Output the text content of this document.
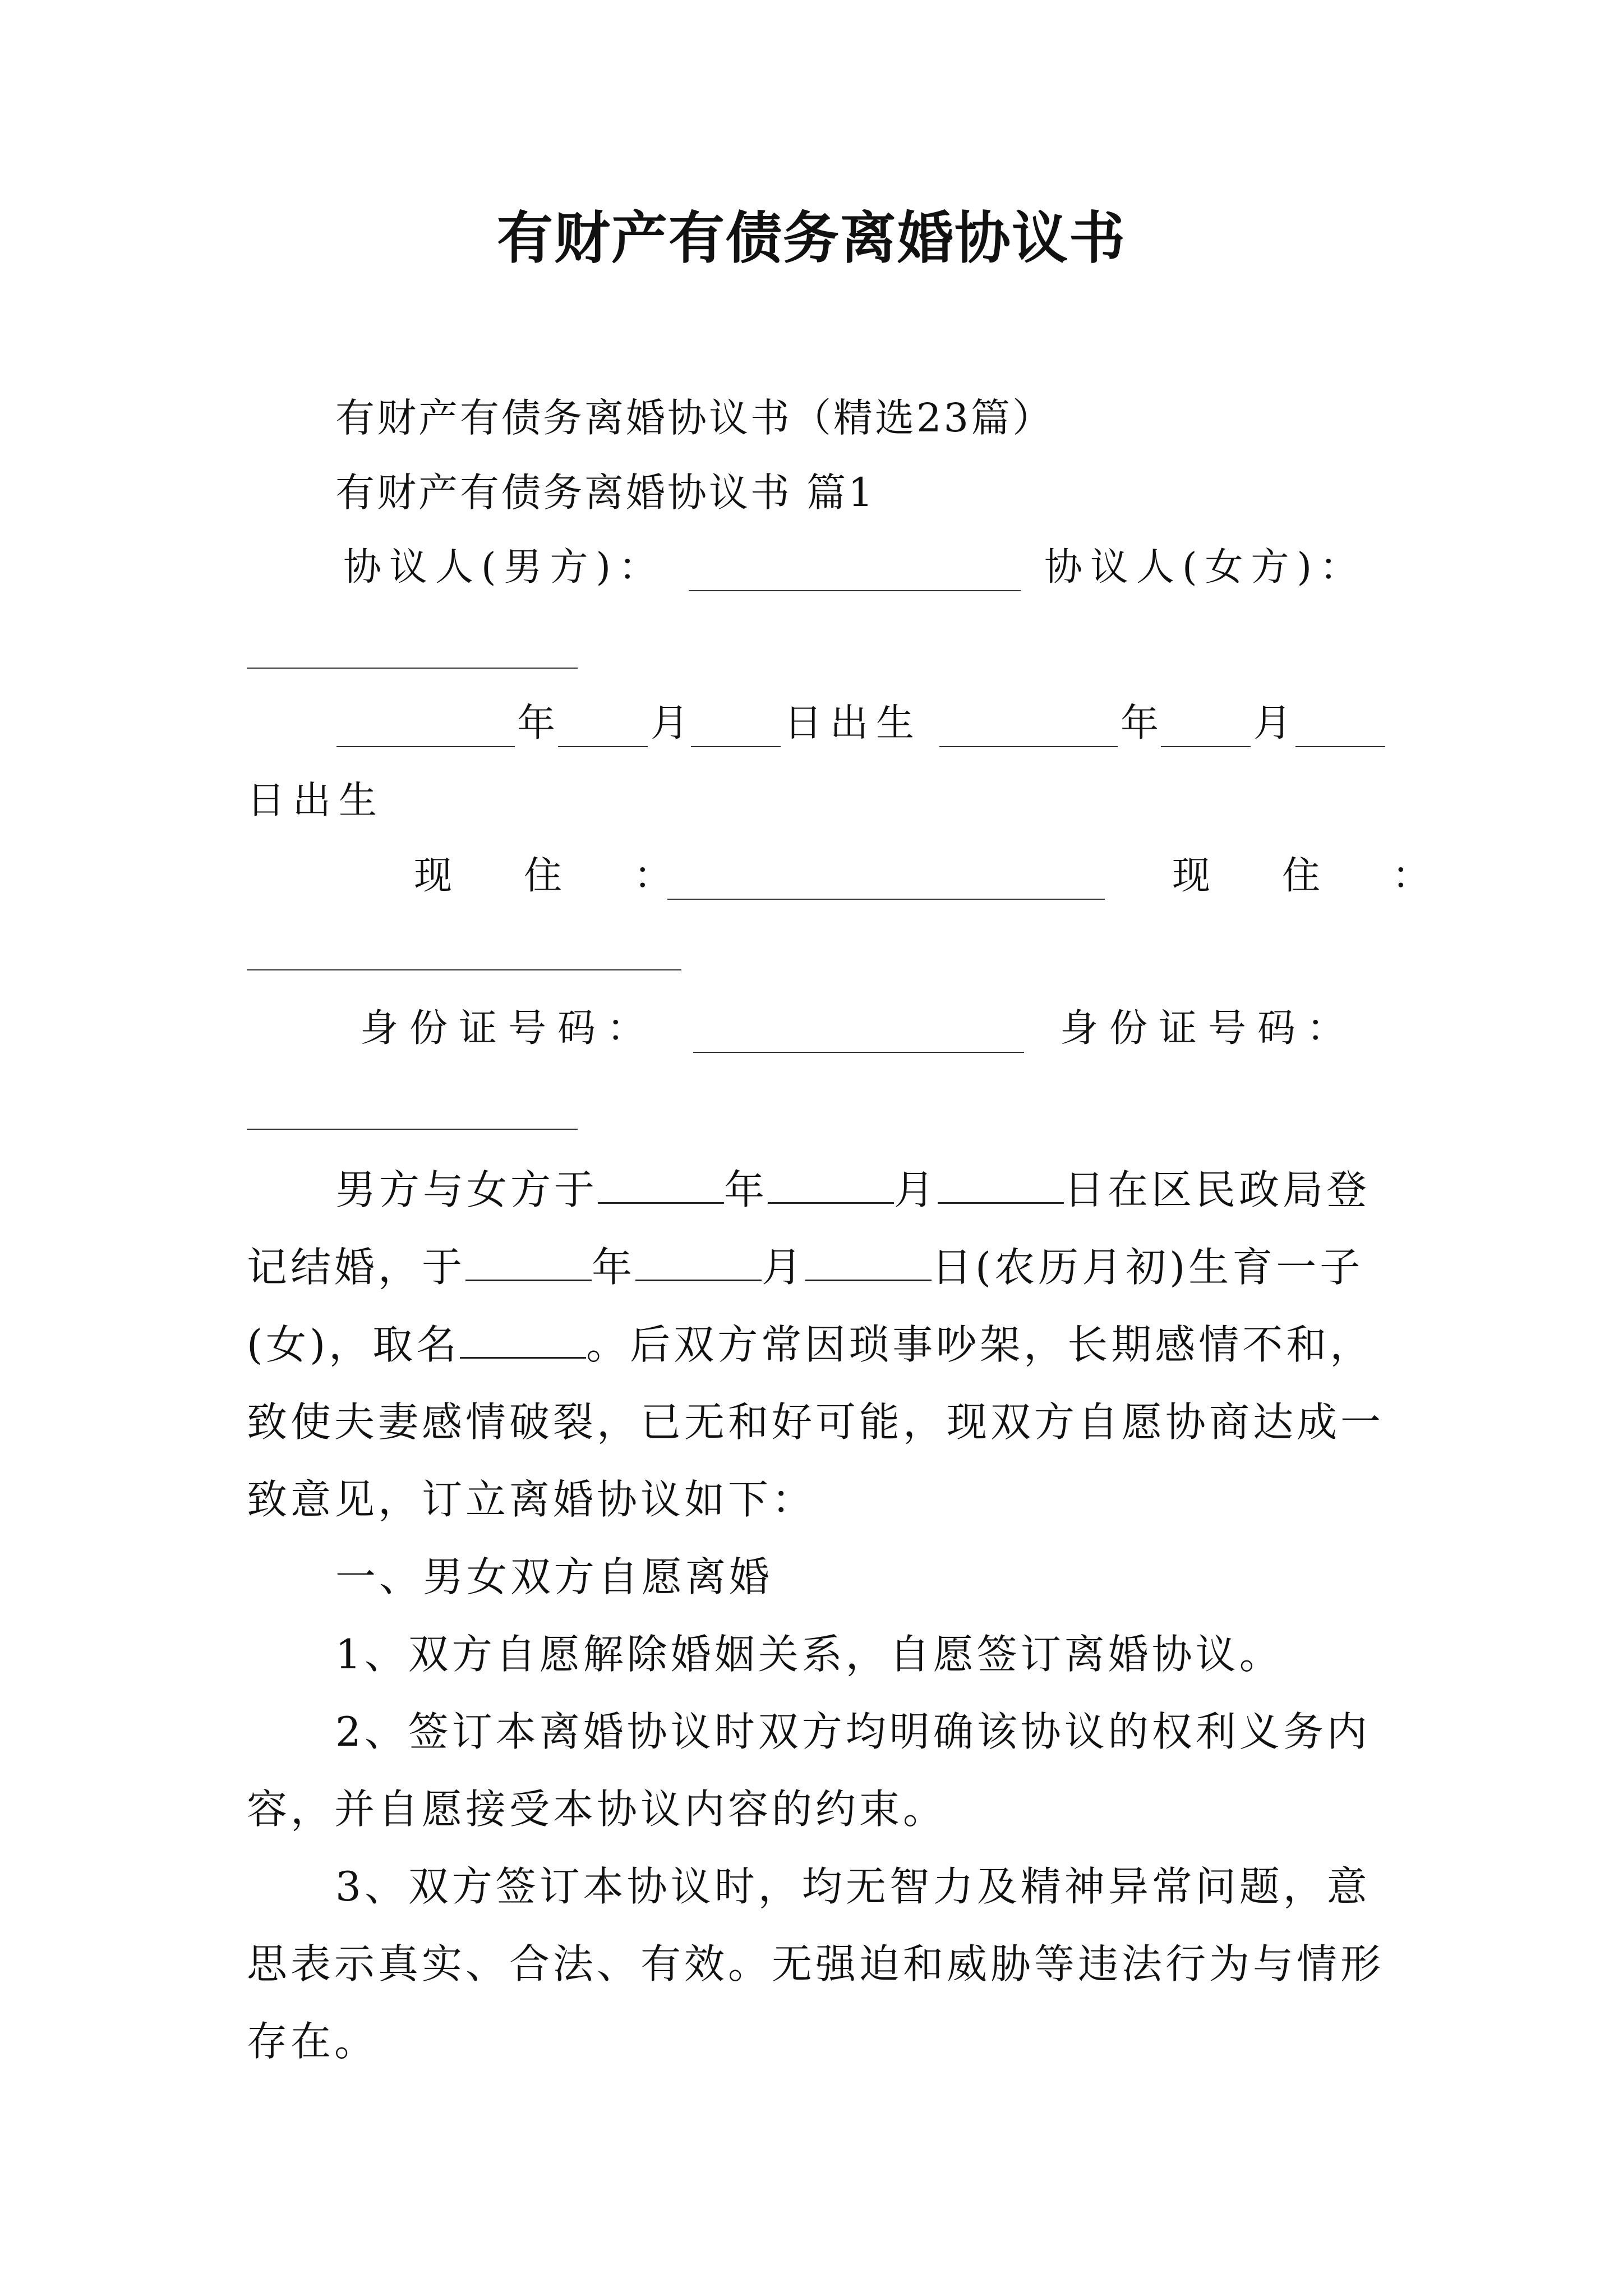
有财产有债务离婚协议书
有财产有债务离婚协议书（精选23篇）
有财产有债务离婚协议书 篇1
协议人(男方)：	协议人(女方)：
年 月 日出生	年 月
日出生
现　住　：	现　住　：
身份证号码：	身份证号码：
男方与女方于	年	月	日在区民政局登
记结婚，于	年	月	日(农历月初)生育一子
(女)，取名	。后双方常因琐事吵架，长期感情不和，
致使夫妻感情破裂，已无和好可能，现双方自愿协商达成一
致意见，订立离婚协议如下：
一、男女双方自愿离婚
1、双方自愿解除婚姻关系，自愿签订离婚协议。
2、签订本离婚协议时双方均明确该协议的权利义务内
容，并自愿接受本协议内容的约束。
3、双方签订本协议时，均无智力及精神异常问题，意
思表示真实、合法、有效。无强迫和威胁等违法行为与情形
存在。
